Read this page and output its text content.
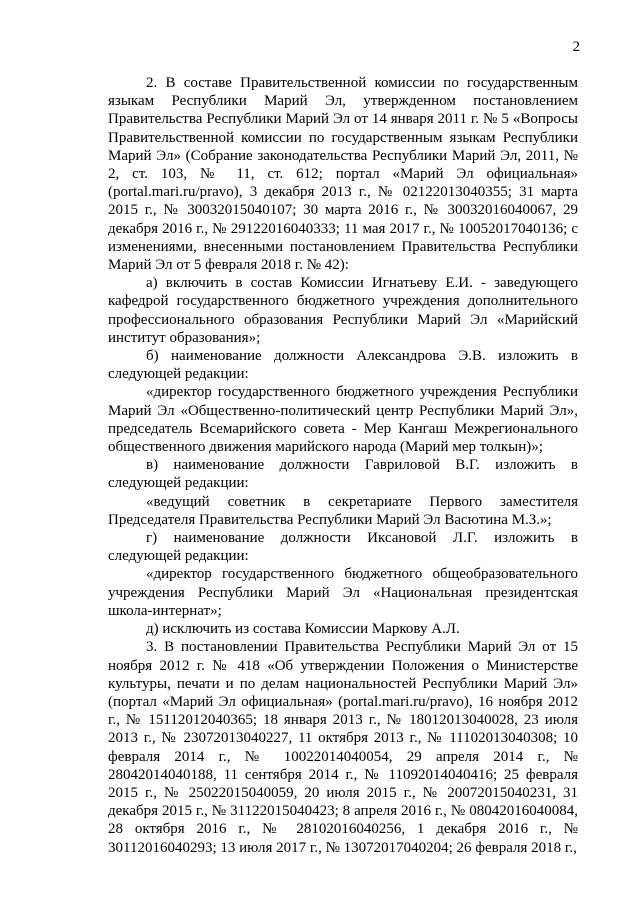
2

2. В составе Правительственной комиссии по государственным языкам Республики Марий Эл, утвержденном постановлением Правительства Республики Марий Эл от 14 января 2011 г. № 5 «Вопросы Правительственной комиссии по государственным языкам Республики Марий Эл» (Собрание законодательства Республики Марий Эл, 2011, № 2, ст. 103, № 11, ст. 612; портал «Марий Эл официальная» (portal.mari.ru/pravo), 3 декабря 2013 г., № 02122013040355; 31 марта 2015 г., № 30032015040107; 30 марта 2016 г., № 30032016040067, 29 декабря 2016 г., № 29122016040333; 11 мая 2017 г., № 10052017040136; с изменениями, внесенными постановлением Правительства Республики Марий Эл от 5 февраля 2018 г. № 42):

а) включить в состав Комиссии Игнатьеву Е.И. - заведующего кафедрой государственного бюджетного учреждения дополнительного профессионального образования Республики Марий Эл «Марийский институт образования»;

б) наименование должности Александрова Э.В. изложить в следующей редакции:

«директор государственного бюджетного учреждения Республики Марий Эл «Общественно-политический центр Республики Марий Эл», председатель Всемарийского совета - Мер Кангаш Межрегионального общественного движения марийского народа (Марий мер толкын)»;

в) наименование должности Гавриловой В.Г. изложить в следующей редакции:

«ведущий советник в секретариате Первого заместителя Председателя Правительства Республики Марий Эл Васютина М.З.»;

г) наименование должности Иксановой Л.Г. изложить в следующей редакции:

«директор государственного бюджетного общеобразовательного учреждения Республики Марий Эл «Национальная президентская школа-интернат»;

д) исключить из состава Комиссии Маркову А.Л.

3. В постановлении Правительства Республики Марий Эл от 15 ноября 2012 г. № 418 «Об утверждении Положения о Министерстве культуры, печати и по делам национальностей Республики Марий Эл» (портал «Марий Эл официальная» (portal.mari.ru/pravo), 16 ноября 2012 г., № 15112012040365; 18 января 2013 г., № 18012013040028, 23 июля 2013 г., № 23072013040227, 11 октября 2013 г., № 11102013040308; 10 февраля 2014 г., № 10022014040054, 29 апреля 2014 г., № 28042014040188, 11 сентября 2014 г., № 11092014040416; 25 февраля 2015 г., № 25022015040059, 20 июля 2015 г., № 20072015040231, 31 декабря 2015 г., № 31122015040423; 8 апреля 2016 г., № 08042016040084, 28 октября 2016 г., № 28102016040256, 1 декабря 2016 г., № 30112016040293; 13 июля 2017 г., № 13072017040204; 26 февраля 2018 г.,
